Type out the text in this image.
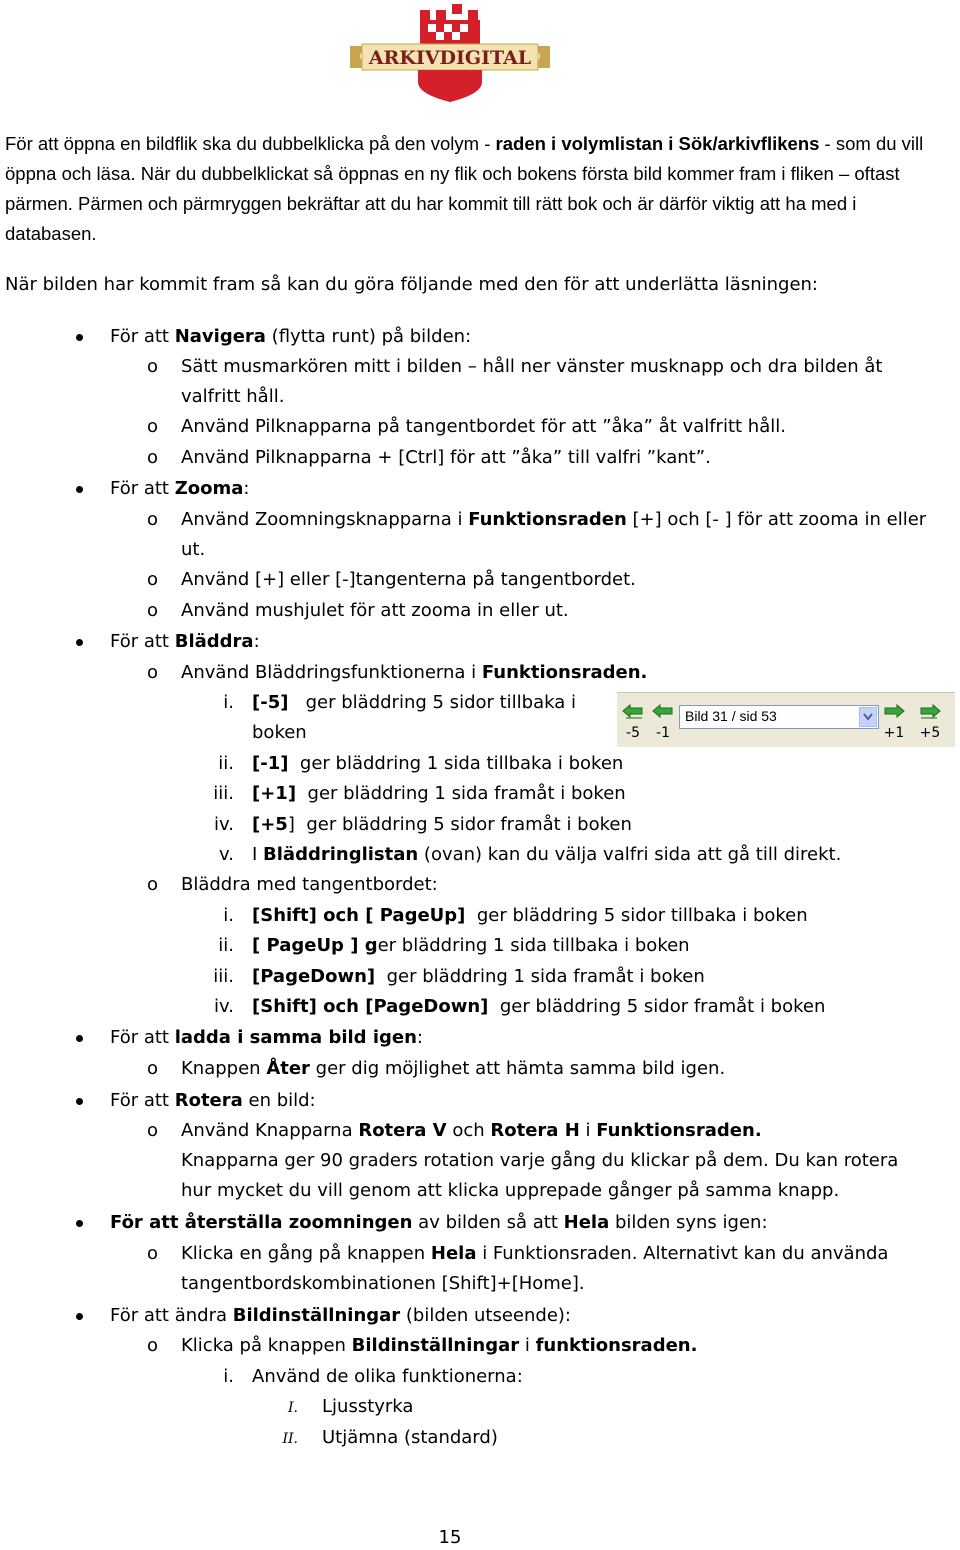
ARKIVDIGITAL
För att öppna en bildflik ska du dubbelklicka på den volym - raden i volymlistan i Sök/arkivflikens - som du vill öppna och läsa. När du dubbelklickat så öppnas en ny flik och bokens första bild kommer fram i fliken – oftast pärmen. Pärmen och pärmryggen bekräftar att du har kommit till rätt bok och är därför viktig att ha med i databasen.
När bilden har kommit fram så kan du göra följande med den för att underlätta läsningen:
För att Navigera (flytta runt) på bilden:
o Sätt musmarkören mitt i bilden – håll ner vänster musknapp och dra bilden åt
valfritt håll.
o Använd Pilknapparna på tangentbordet för att ”åka” åt valfritt håll.
o Använd Pilknapparna + [Ctrl] för att ”åka” till valfri ”kant”.
För att Zooma:
o Använd Zoomningsknapparna i Funktionsraden [+] och [- ] för att zooma in eller
ut.
o Använd [+] eller [-]tangenterna på tangentbordet.
o Använd mushjulet för att zooma in eller ut.
För att Bläddra:
o Använd Bläddringsfunktionerna i Funktionsraden.
i. [-5] ger bläddring 5 sidor tillbaka i
boken
ii. [-1] ger bläddring 1 sida tillbaka i boken
iii. [+1] ger bläddring 1 sida framåt i boken
iv. [+5] ger bläddring 5 sidor framåt i boken
v. I Bläddringlistan (ovan) kan du välja valfri sida att gå till direkt.
o Bläddra med tangentbordet:
i. [Shift] och [ PageUp] ger bläddring 5 sidor tillbaka i boken
ii. [ PageUp ] ger bläddring 1 sida tillbaka i boken
iii. [PageDown] ger bläddring 1 sida framåt i boken
iv. [Shift] och [PageDown] ger bläddring 5 sidor framåt i boken
För att ladda i samma bild igen:
o Knappen Åter ger dig möjlighet att hämta samma bild igen.
För att Rotera en bild:
o Använd Knapparna Rotera V och Rotera H i Funktionsraden.
Knapparna ger 90 graders rotation varje gång du klickar på dem. Du kan rotera
hur mycket du vill genom att klicka upprepade gånger på samma knapp.
För att återställa zoomningen av bilden så att Hela bilden syns igen:
o Klicka en gång på knappen Hela i Funktionsraden. Alternativt kan du använda
tangentbordskombinationen [Shift]+[Home].
För att ändra Bildinställningar (bilden utseende):
o Klicka på knappen Bildinställningar i funktionsraden.
i. Använd de olika funktionerna:
I. Ljusstyrka
II. Utjämna (standard)
-5	-1
Bild 31 / sid 53
+1	+5
15
